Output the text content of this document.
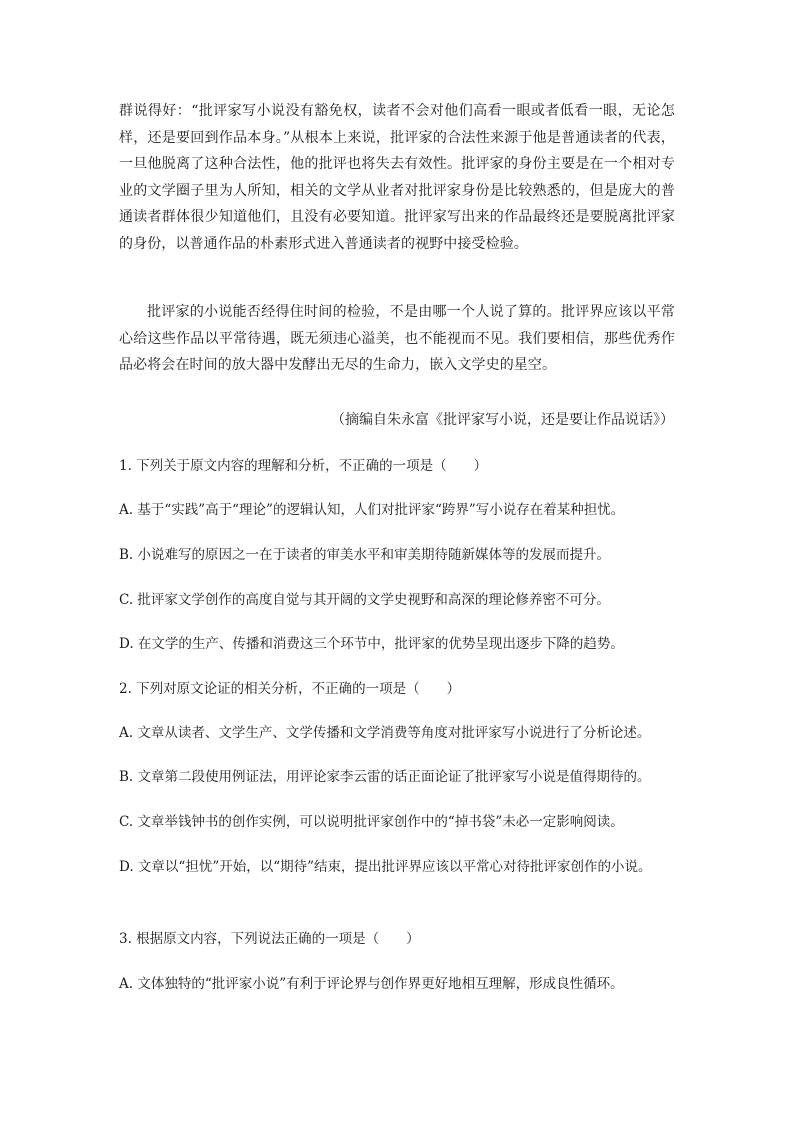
群说得好：“批评家写小说没有豁免权，读者不会对他们高看一眼或者低看一眼，无论怎样，还是要回到作品本身。”从根本上来说，批评家的合法性来源于他是普通读者的代表，一旦他脱离了这种合法性，他的批评也将失去有效性。批评家的身份主要是在一个相对专业的文学圈子里为人所知，相关的文学从业者对批评家身份是比较熟悉的，但是庞大的普通读者群体很少知道他们，且没有必要知道。批评家写出来的作品最终还是要脱离批评家的身份，以普通作品的朴素形式进入普通读者的视野中接受检验。

批评家的小说能否经得住时间的检验，不是由哪一个人说了算的。批评界应该以平常心给这些作品以平常待遇，既无须违心溢美，也不能视而不见。我们要相信，那些优秀作品必将会在时间的放大器中发酵出无尽的生命力，嵌入文学史的星空。

（摘编自朱永富《批评家写小说，还是要让作品说话》）

1. 下列关于原文内容的理解和分析，不正确的一项是（　　）

A. 基于“实践”高于“理论”的逻辑认知，人们对批评家“跨界”写小说存在着某种担忧。

B. 小说难写的原因之一在于读者的审美水平和审美期待随新媒体等的发展而提升。

C. 批评家文学创作的高度自觉与其开阔的文学史视野和高深的理论修养密不可分。

D. 在文学的生产、传播和消费这三个环节中，批评家的优势呈现出逐步下降的趋势。

2. 下列对原文论证的相关分析，不正确的一项是（　　）

A. 文章从读者、文学生产、文学传播和文学消费等角度对批评家写小说进行了分析论述。

B. 文章第二段使用例证法，用评论家李云雷的话正面论证了批评家写小说是值得期待的。

C. 文章举钱钟书的创作实例，可以说明批评家创作中的“掉书袋”未必一定影响阅读。

D. 文章以“担忧”开始，以“期待”结束，提出批评界应该以平常心对待批评家创作的小说。

3. 根据原文内容，下列说法正确的一项是（　　）

A. 文体独特的“批评家小说”有利于评论界与创作界更好地相互理解，形成良性循环。
